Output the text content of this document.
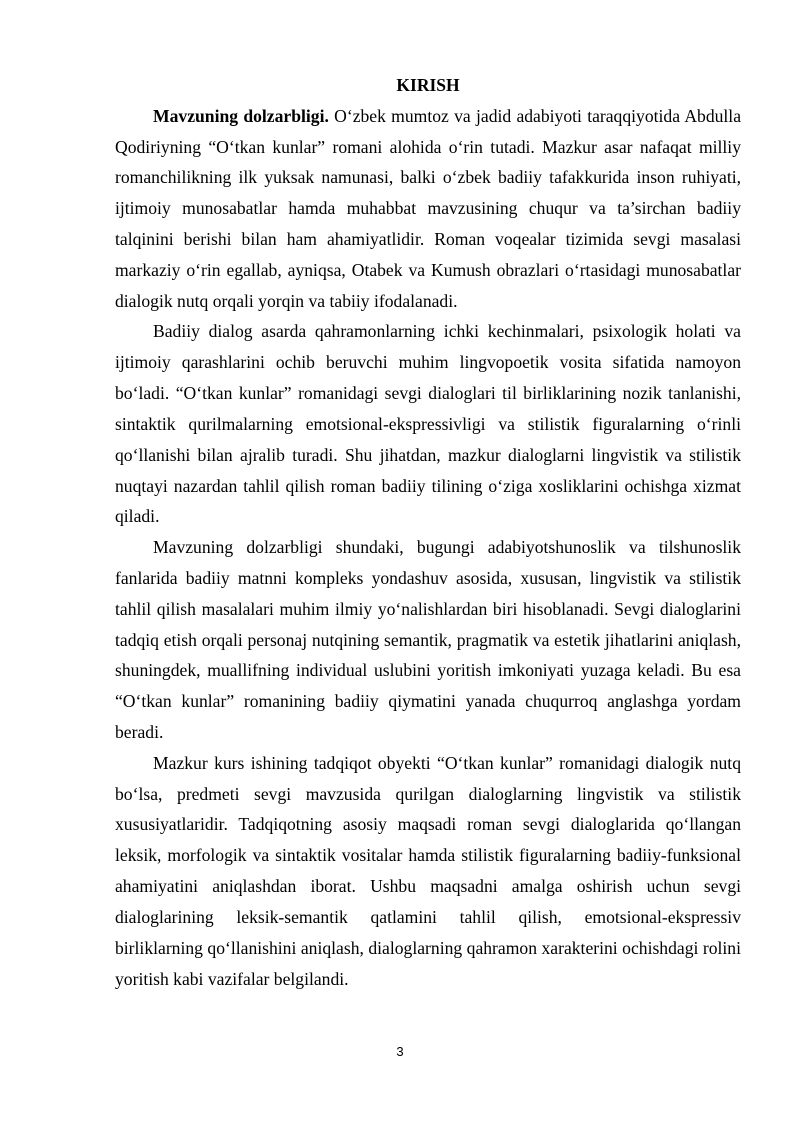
KIRISH

Mavzuning dolzarbligi. O‘zbek mumtoz va jadid adabiyoti taraqqiyotida Abdulla Qodiriyning “O‘tkan kunlar” romani alohida o‘rin tutadi. Mazkur asar nafaqat milliy romanchilikning ilk yuksak namunasi, balki o‘zbek badiiy tafakkurida inson ruhiyati, ijtimoiy munosabatlar hamda muhabbat mavzusining chuqur va ta’sirchan badiiy talqinini berishi bilan ham ahamiyatlidir. Roman voqealar tizimida sevgi masalasi markaziy o‘rin egallab, ayniqsa, Otabek va Kumush obrazlari o‘rtasidagi munosabatlar dialogik nutq orqali yorqin va tabiiy ifodalanadi.

Badiiy dialog asarda qahramonlarning ichki kechinmalari, psixologik holati va ijtimoiy qarashlarini ochib beruvchi muhim lingvopoetik vosita sifatida namoyon bo‘ladi. “O‘tkan kunlar” romanidagi sevgi dialoglari til birliklarining nozik tanlanishi, sintaktik qurilmalarning emotsional-ekspressivligi va stilistik figuralarning o‘rinli qo‘llanishi bilan ajralib turadi. Shu jihatdan, mazkur dialoglarni lingvistik va stilistik nuqtayi nazardan tahlil qilish roman badiiy tilining o‘ziga xosliklarini ochishga xizmat qiladi.

Mavzuning dolzarbligi shundaki, bugungi adabiyotshunoslik va tilshunoslik fanlarida badiiy matnni kompleks yondashuv asosida, xususan, lingvistik va stilistik tahlil qilish masalalari muhim ilmiy yo‘nalishlardan biri hisoblanadi. Sevgi dialoglarini tadqiq etish orqali personaj nutqining semantik, pragmatik va estetik jihatlarini aniqlash, shuningdek, muallifning individual uslubini yoritish imkoniyati yuzaga keladi. Bu esa “O‘tkan kunlar” romanining badiiy qiymatini yanada chuqurroq anglashga yordam beradi.

Mazkur kurs ishining tadqiqot obyekti “O‘tkan kunlar” romanidagi dialogik nutq bo‘lsa, predmeti sevgi mavzusida qurilgan dialoglarning lingvistik va stilistik xususiyatlaridir. Tadqiqotning asosiy maqsadi roman sevgi dialoglarida qo‘llangan leksik, morfologik va sintaktik vositalar hamda stilistik figuralarning badiiy-funksional ahamiyatini aniqlashdan iborat. Ushbu maqsadni amalga oshirish uchun sevgi dialoglarining leksik-semantik qatlamini tahlil qilish, emotsional-ekspressiv birliklarning qo‘llanishini aniqlash, dialoglarning qahramon xarakterini ochishdagi rolini yoritish kabi vazifalar belgilandi.

3
